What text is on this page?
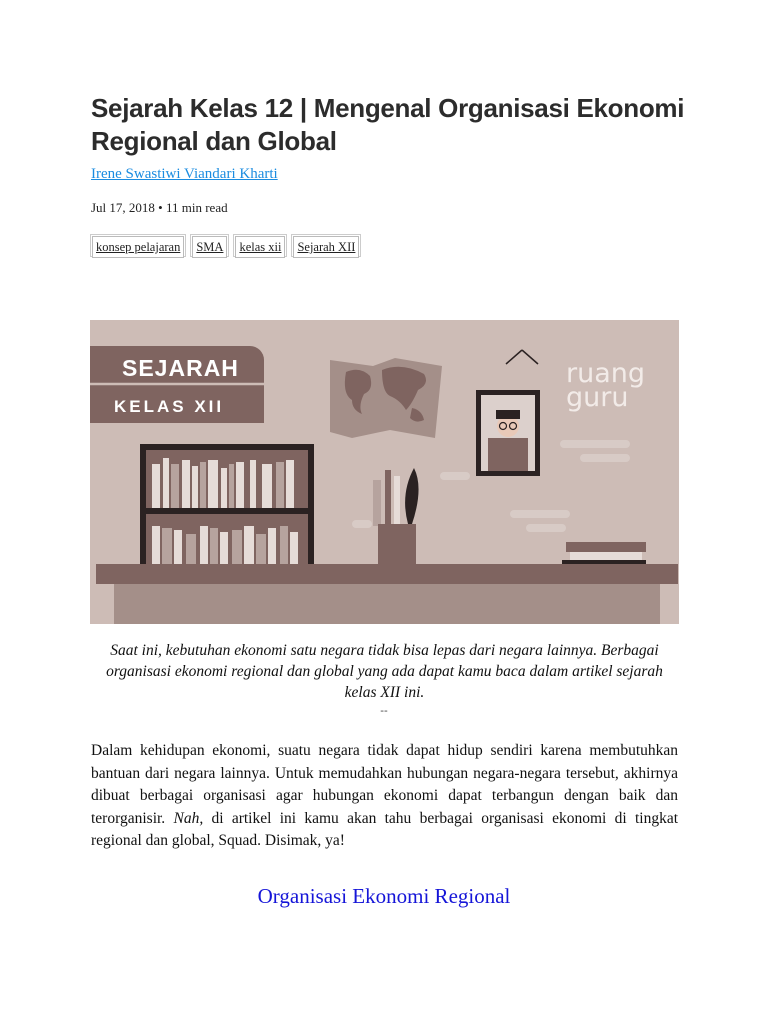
Sejarah Kelas 12 | Mengenal Organisasi Ekonomi Regional dan Global
Irene Swastiwi Viandari Kharti
Jul 17, 2018 • 11 min read
konsep pelajaran	SMA	kelas xii	Sejarah XII
SEJARAH
KELAS XII
ruang
guru
Saat ini, kebutuhan ekonomi satu negara tidak bisa lepas dari negara lainnya. Berbagai organisasi ekonomi regional dan global yang ada dapat kamu baca dalam artikel sejarah kelas XII ini.
--

Dalam kehidupan ekonomi, suatu negara tidak dapat hidup sendiri karena membutuhkan bantuan dari negara lainnya. Untuk memudahkan hubungan negara-negara tersebut, akhirnya dibuat berbagai organisasi agar hubungan ekonomi dapat terbangun dengan baik dan terorganisir. Nah, di artikel ini kamu akan tahu berbagai organisasi ekonomi di tingkat regional dan global, Squad. Disimak, ya!

Organisasi Ekonomi Regional
